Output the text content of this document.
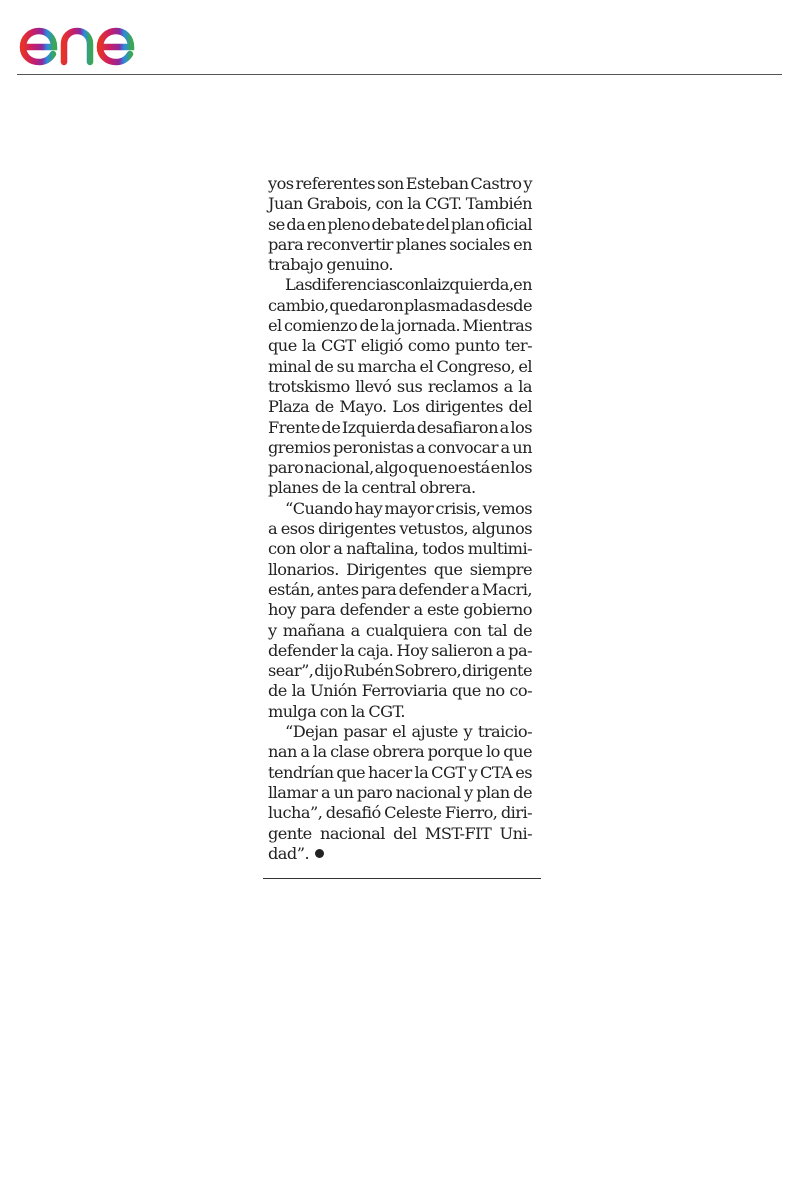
yos referentes son Esteban Castro y
Juan Grabois, con la CGT. También
se da en pleno debate del plan oficial
para reconvertir planes sociales en
trabajo genuino.

Las diferencias con la izquierda, en
cambio, quedaron plasmadas desde
el comienzo de la jornada. Mientras
que la CGT eligió como punto ter-
minal de su marcha el Congreso, el
trotskismo llevó sus reclamos a la
Plaza de Mayo. Los dirigentes del
Frente de Izquierda desafiaron a los
gremios peronistas a convocar a un
paro nacional, algo que no está en los
planes de la central obrera.

“Cuando hay mayor crisis, vemos
a esos dirigentes vetustos, algunos
con olor a naftalina, todos multimi-
llonarios. Dirigentes que siempre
están, antes para defender a Macri,
hoy para defender a este gobierno
y mañana a cualquiera con tal de
defender la caja. Hoy salieron a pa-
sear”, dijo Rubén Sobrero, dirigente
de la Unión Ferroviaria que no co-
mulga con la CGT.

“Dejan pasar el ajuste y traicio-
nan a la clase obrera porque lo que
tendrían que hacer la CGT y CTA es
llamar a un paro nacional y plan de
lucha”, desafió Celeste Fierro, diri-
gente nacional del MST-FIT Uni-
dad”.
